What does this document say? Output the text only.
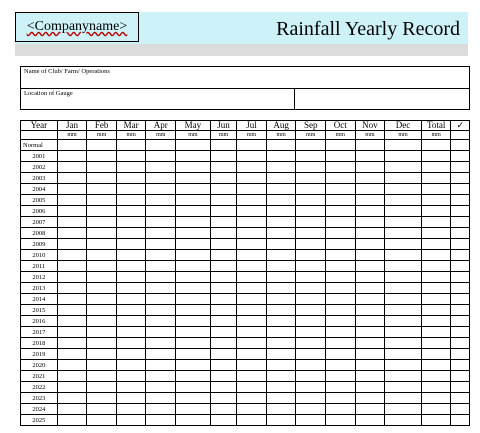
<Companyname>	Rainfall Yearly Record
Name of Club/ Farm/ Operations
Location of Gauge
Year	Jan	Feb	Mar	Apr	May	Jun	Jul	Aug	Sep	Oct	Nov	Dec	Total	✓
	mm	mm	mm	mm	mm	mm	mm	mm	mm	mm	mm	mm	mm	
Normal														
2001														
2002														
2003														
2004														
2005														
2006														
2007														
2008														
2009														
2010														
2011														
2012														
2013														
2014														
2015														
2016														
2017														
2018														
2019														
2020														
2021														
2022														
2023														
2024														
2025														
